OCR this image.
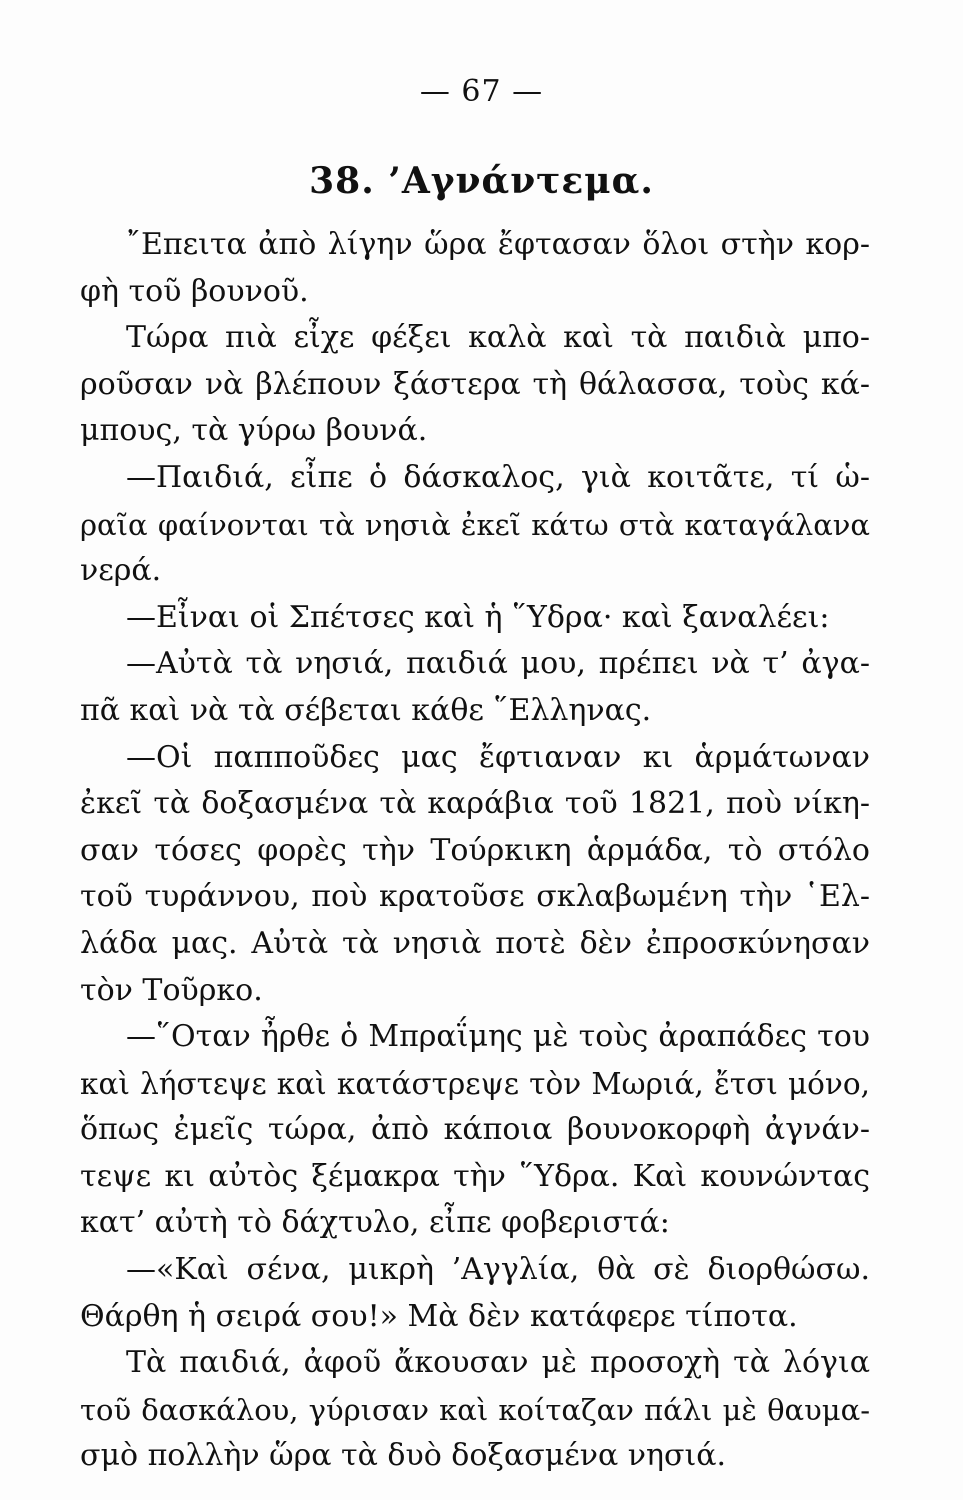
— 67 —
38. ’Αγνάντεμα.
῎Επειτα ἀπὸ λίγην ὥρα ἔφτασαν ὅλοι στὴν κορ-
φὴ τοῦ βουνοῦ.
Τώρα πιὰ εἶχε φέξει καλὰ καὶ τὰ παιδιὰ μπο-
ροῦσαν νὰ βλέπουν ξάστερα τὴ θάλασσα, τοὺς κά-
μπους, τὰ γύρω βουνά.
—Παιδιά, εἶπε ὁ δάσκαλος, γιὰ κοιτᾶτε, τί ὡ-
ραῖα φαίνονται τὰ νησιὰ ἐκεῖ κάτω στὰ καταγάλανα
νερά.
—Εἶναι οἱ Σπέτσες καὶ ἡ ῞Υδρα· καὶ ξαναλέει:
—Αὐτὰ τὰ νησιά, παιδιά μου, πρέπει νὰ τ’ ἀγα-
πᾶ καὶ νὰ τὰ σέβεται κάθε ῞Ελληνας.
—Οἱ παπποῦδες μας ἔφτιαναν κι ἁρμάτωναν
ἐκεῖ τὰ δοξασμένα τὰ καράβια τοῦ 1821, ποὺ νίκη-
σαν τόσες φορὲς τὴν Τούρκικη ἁρμάδα, τὸ στόλο
τοῦ τυράννου, ποὺ κρατοῦσε σκλαβωμένη τὴν ῾Ελ-
λάδα μας. Αὐτὰ τὰ νησιὰ ποτὲ δὲν ἐπροσκύνησαν
τὸν Τοῦρκο.
—῞Οταν ἦρθε ὁ Μπραΐμης μὲ τοὺς ἀραπάδες του
καὶ λήστεψε καὶ κατάστρεψε τὸν Μωριά, ἔτσι μόνο,
ὅπως ἐμεῖς τώρα, ἀπὸ κάποια βουνοκορφὴ ἀγνάν-
τεψε κι αὐτὸς ξέμακρα τὴν ῞Υδρα. Καὶ κουνώντας
κατ’ αὐτὴ τὸ δάχτυλο, εἶπε φοβεριστά:
—«Καὶ σένα, μικρὴ ’Αγγλία, θὰ σὲ διορθώσω.
Θάρθη ἡ σειρά σου!» Μὰ δὲν κατάφερε τίποτα.
Τὰ παιδιά, ἀφοῦ ἄκουσαν μὲ προσοχὴ τὰ λόγια
τοῦ δασκάλου, γύρισαν καὶ κοίταζαν πάλι μὲ θαυμα-
σμὸ πολλὴν ὥρα τὰ δυὸ δοξασμένα νησιά.
